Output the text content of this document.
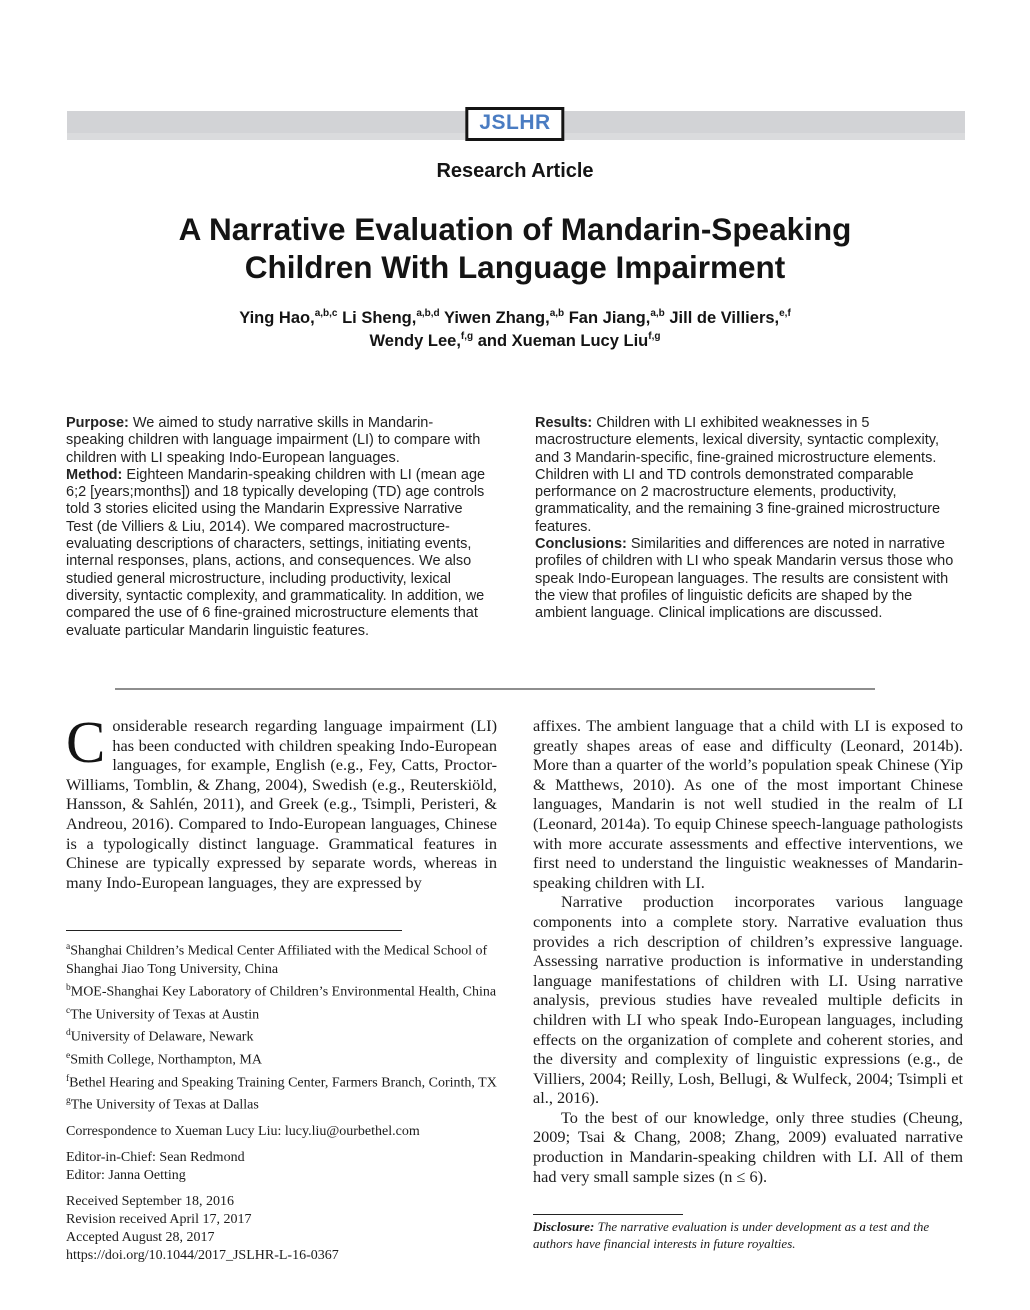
JSLHR
Research Article
A Narrative Evaluation of Mandarin-Speaking
Children With Language Impairment
Ying Hao,$^{a,b,c}$ Li Sheng,$^{a,b,d}$ Yiwen Zhang,$^{a,b}$ Fan Jiang,$^{a,b}$ Jill de Villiers,$^{e,f}$
Wendy Lee,$^{f,g}$ and Xueman Lucy Liu$^{f,g}$

Purpose: We aimed to study narrative skills in Mandarin-speaking children with language impairment (LI) to compare with children with LI speaking Indo-European languages.

Method: Eighteen Mandarin-speaking children with LI (mean age 6;2 [years;months]) and 18 typically developing (TD) age controls told 3 stories elicited using the Mandarin Expressive Narrative Test (de Villiers & Liu, 2014). We compared macrostructure-evaluating descriptions of characters, settings, initiating events, internal responses, plans, actions, and consequences. We also studied general microstructure, including productivity, lexical diversity, syntactic complexity, and grammaticality. In addition, we compared the use of 6 fine-grained microstructure elements that evaluate particular Mandarin linguistic features.

Results: Children with LI exhibited weaknesses in 5 macrostructure elements, lexical diversity, syntactic complexity, and 3 Mandarin-specific, fine-grained microstructure elements. Children with LI and TD controls demonstrated comparable performance on 2 macrostructure elements, productivity, grammaticality, and the remaining 3 fine-grained microstructure features.

Conclusions: Similarities and differences are noted in narrative profiles of children with LI who speak Mandarin versus those who speak Indo-European languages. The results are consistent with the view that profiles of linguistic deficits are shaped by the ambient language. Clinical implications are discussed.

Considerable research regarding language impairment (LI) has been conducted with children speaking Indo-European languages, for example, English (e.g., Fey, Catts, Proctor-Williams, Tomblin, & Zhang, 2004), Swedish (e.g., Reuterskiöld, Hansson, & Sahlén, 2011), and Greek (e.g., Tsimpli, Peristeri, & Andreou, 2016). Compared to Indo-European languages, Chinese is a typologically distinct language. Grammatical features in Chinese are typically expressed by separate words, whereas in many Indo-European languages, they are expressed by

$^a$Shanghai Children’s Medical Center Affiliated with the Medical School of Shanghai Jiao Tong University, China
$^b$MOE-Shanghai Key Laboratory of Children’s Environmental Health, China
$^c$The University of Texas at Austin
$^d$University of Delaware, Newark
$^e$Smith College, Northampton, MA
$^f$Bethel Hearing and Speaking Training Center, Farmers Branch, Corinth, TX
$^g$The University of Texas at Dallas
Correspondence to Xueman Lucy Liu: lucy.liu@ourbethel.com
Editor-in-Chief: Sean Redmond
Editor: Janna Oetting
Received September 18, 2016
Revision received April 17, 2017
Accepted August 28, 2017
https://doi.org/10.1044/2017_JSLHR-L-16-0367

affixes. The ambient language that a child with LI is exposed to greatly shapes areas of ease and difficulty (Leonard, 2014b). More than a quarter of the world’s population speak Chinese (Yip & Matthews, 2010). As one of the most important Chinese languages, Mandarin is not well studied in the realm of LI (Leonard, 2014a). To equip Chinese speech-language pathologists with more accurate assessments and effective interventions, we first need to understand the linguistic weaknesses of Mandarin-speaking children with LI.

Narrative production incorporates various language components into a complete story. Narrative evaluation thus provides a rich description of children’s expressive language. Assessing narrative production is informative in understanding language manifestations of children with LI. Using narrative analysis, previous studies have revealed multiple deficits in children with LI who speak Indo-European languages, including effects on the organization of complete and coherent stories, and the diversity and complexity of linguistic expressions (e.g., de Villiers, 2004; Reilly, Losh, Bellugi, & Wulfeck, 2004; Tsimpli et al., 2016).

To the best of our knowledge, only three studies (Cheung, 2009; Tsai & Chang, 2008; Zhang, 2009) evaluated narrative production in Mandarin-speaking children with LI. All of them had very small sample sizes (n ≤ 6).

Disclosure: The narrative evaluation is under development as a test and the authors have financial interests in future royalties.
